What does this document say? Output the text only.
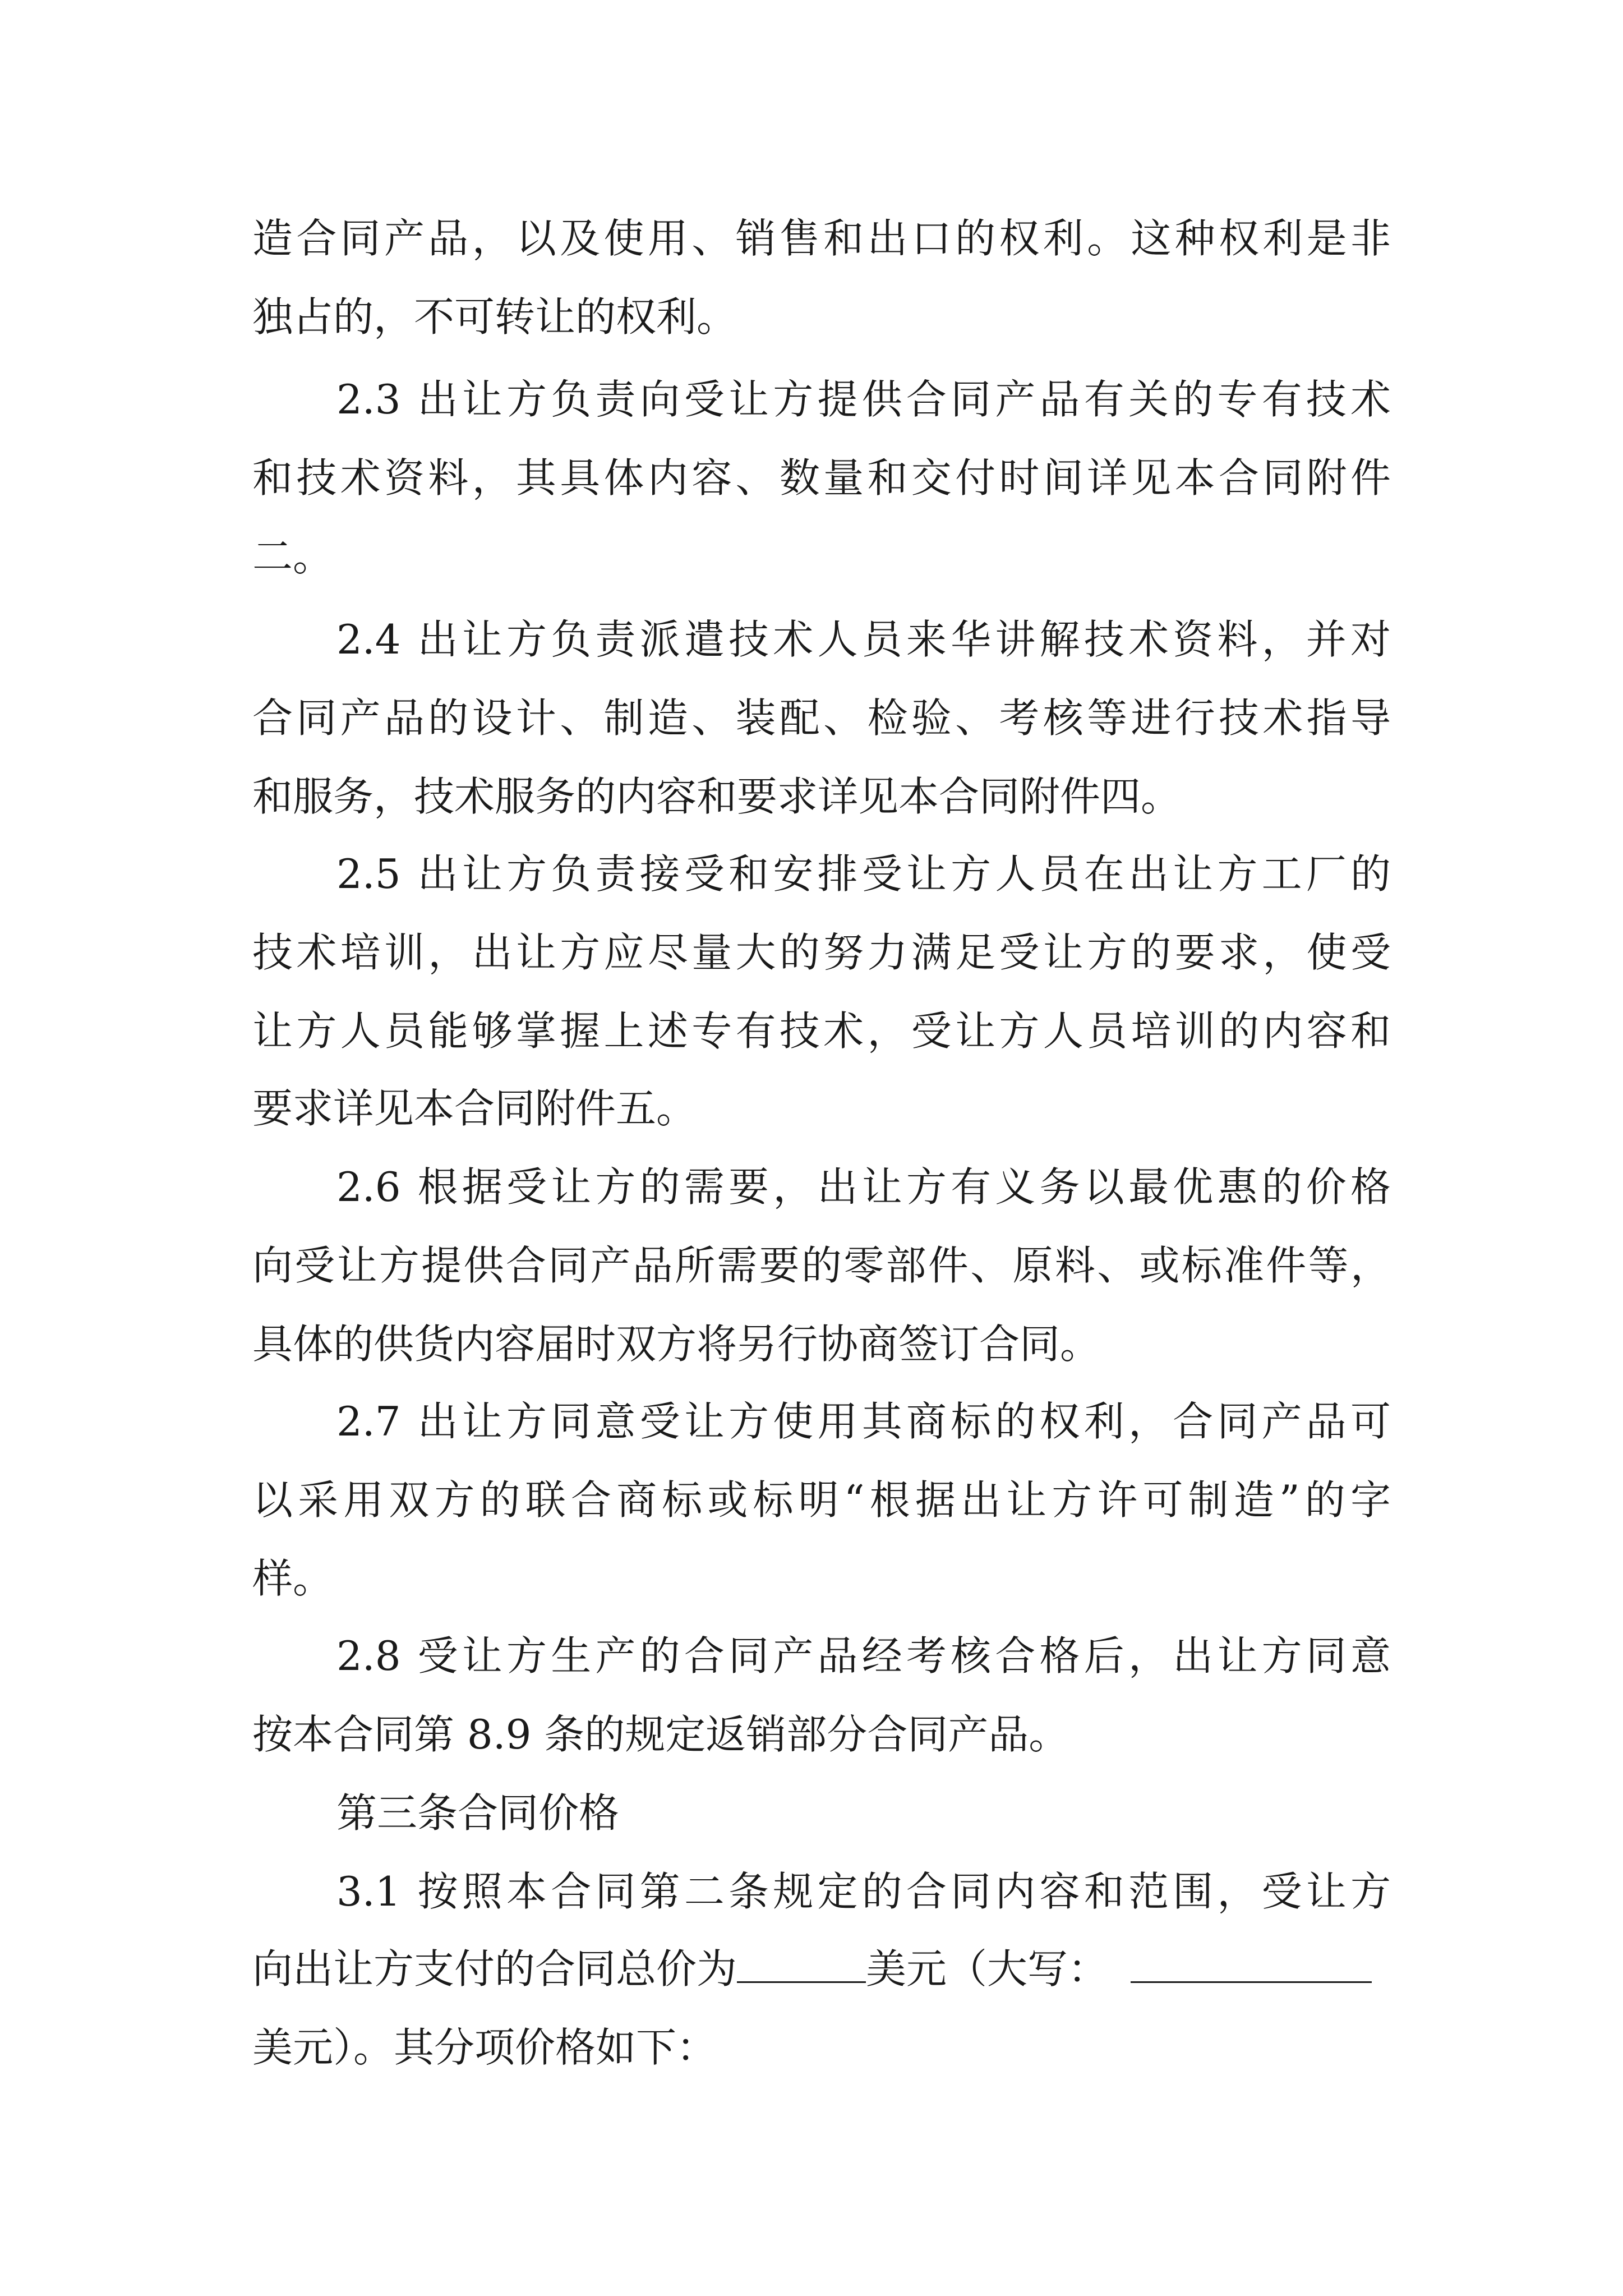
造合同产品，以及使用、销售和出口的权利。这种权利是非
独占的，不可转让的权利。
2.3 出让方负责向受让方提供合同产品有关的专有技术
和技术资料，其具体内容、数量和交付时间详见本合同附件
二。
2.4 出让方负责派遣技术人员来华讲解技术资料，并对
合同产品的设计、制造、装配、检验、考核等进行技术指导
和服务，技术服务的内容和要求详见本合同附件四。
2.5 出让方负责接受和安排受让方人员在出让方工厂的
技术培训，出让方应尽量大的努力满足受让方的要求，使受
让方人员能够掌握上述专有技术，受让方人员培训的内容和
要求详见本合同附件五。
2.6 根据受让方的需要，出让方有义务以最优惠的价格
向受让方提供合同产品所需要的零部件、原料、或标准件等，
具体的供货内容届时双方将另行协商签订合同。
2.7 出让方同意受让方使用其商标的权利，合同产品可
以采用双方的联合商标或标明“根据出让方许可制造”的字
样。
2.8 受让方生产的合同产品经考核合格后，出让方同意
按本合同第 8.9 条的规定返销部分合同产品。
第三条合同价格
3.1 按照本合同第二条规定的合同内容和范围，受让方
向出让方支付的合同总价为	美元（大写：
美元）。其分项价格如下：
